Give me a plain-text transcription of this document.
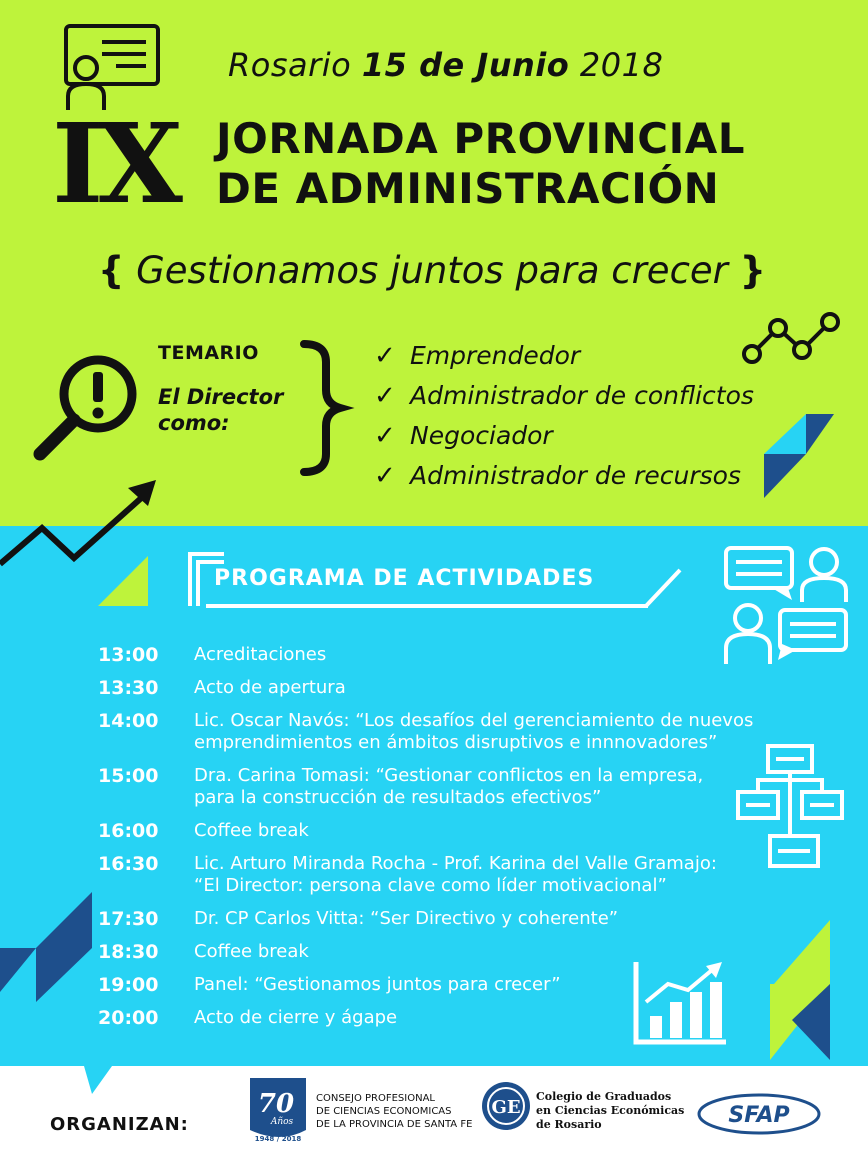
Rosario 15 de Junio 2018
IX JORNADA PROVINCIAL
DE ADMINISTRACIÓN
{ Gestionamos juntos para crecer }
TEMARIO
El Director
como:
✓ Emprendedor
✓ Administrador de conflictos
✓ Negociador
✓ Administrador de recursos
PROGRAMA DE ACTIVIDADES
13:00	Acreditaciones
13:30	Acto de apertura
14:00	Lic. Oscar Navós: “Los desafíos del gerenciamiento de nuevos
emprendimientos en ámbitos disruptivos e innnovadores”
15:00	Dra. Carina Tomasi: “Gestionar conflictos en la empresa,
para la construcción de resultados efectivos”
16:00	Coffee break
16:30	Lic. Arturo Miranda Rocha - Prof. Karina del Valle Gramajo:
“El Director: persona clave como líder motivacional”
17:30	Dr. CP Carlos Vitta: “Ser Directivo y coherente”
18:30	Coffee break
19:00	Panel: “Gestionamos juntos para crecer”
20:00	Acto de cierre y ágape
ORGANIZAN:
70
Años
1948 / 2018
CONSEJO PROFESIONAL
DE CIENCIAS ECONOMICAS
DE LA PROVINCIA DE SANTA FE
GE
Colegio de Graduados
en Ciencias Económicas
de Rosario	SFAP
